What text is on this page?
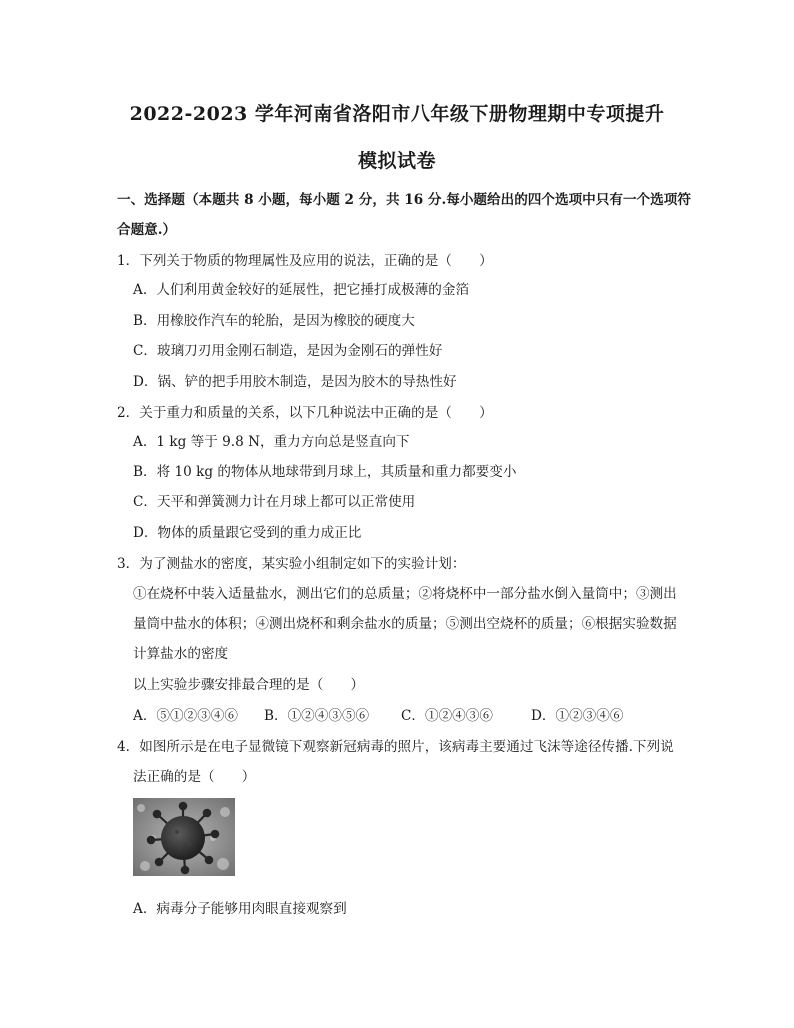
2022-2023 学年河南省洛阳市八年级下册物理期中专项提升
模拟试卷
一、选择题（本题共 8 小题，每小题 2 分，共 16 分.每小题给出的四个选项中只有一个选项符
合题意.）
1．下列关于物质的物理属性及应用的说法，正确的是（　　）
A．人们利用黄金较好的延展性，把它捶打成极薄的金箔
B．用橡胶作汽车的轮胎，是因为橡胶的硬度大
C．玻璃刀刃用金刚石制造，是因为金刚石的弹性好
D．锅、铲的把手用胶木制造，是因为胶木的导热性好
2．关于重力和质量的关系，以下几种说法中正确的是（　　）
A．1 kg 等于 9.8 N，重力方向总是竖直向下
B．将 10 kg 的物体从地球带到月球上，其质量和重力都要变小
C．天平和弹簧测力计在月球上都可以正常使用
D．物体的质量跟它受到的重力成正比
3．为了测盐水的密度，某实验小组制定如下的实验计划：
①在烧杯中装入适量盐水，测出它们的总质量；②将烧杯中一部分盐水倒入量筒中；③测出
量筒中盐水的体积；④测出烧杯和剩余盐水的质量；⑤测出空烧杯的质量；⑥根据实验数据
计算盐水的密度
以上实验步骤安排最合理的是（　　）
A．⑤①②③④⑥ B．①②④③⑤⑥ C．①②④③⑥	D．①②③④⑥
4．如图所示是在电子显微镜下观察新冠病毒的照片，该病毒主要通过飞沫等途径传播.下列说
法正确的是（　　）
A．病毒分子能够用肉眼直接观察到
